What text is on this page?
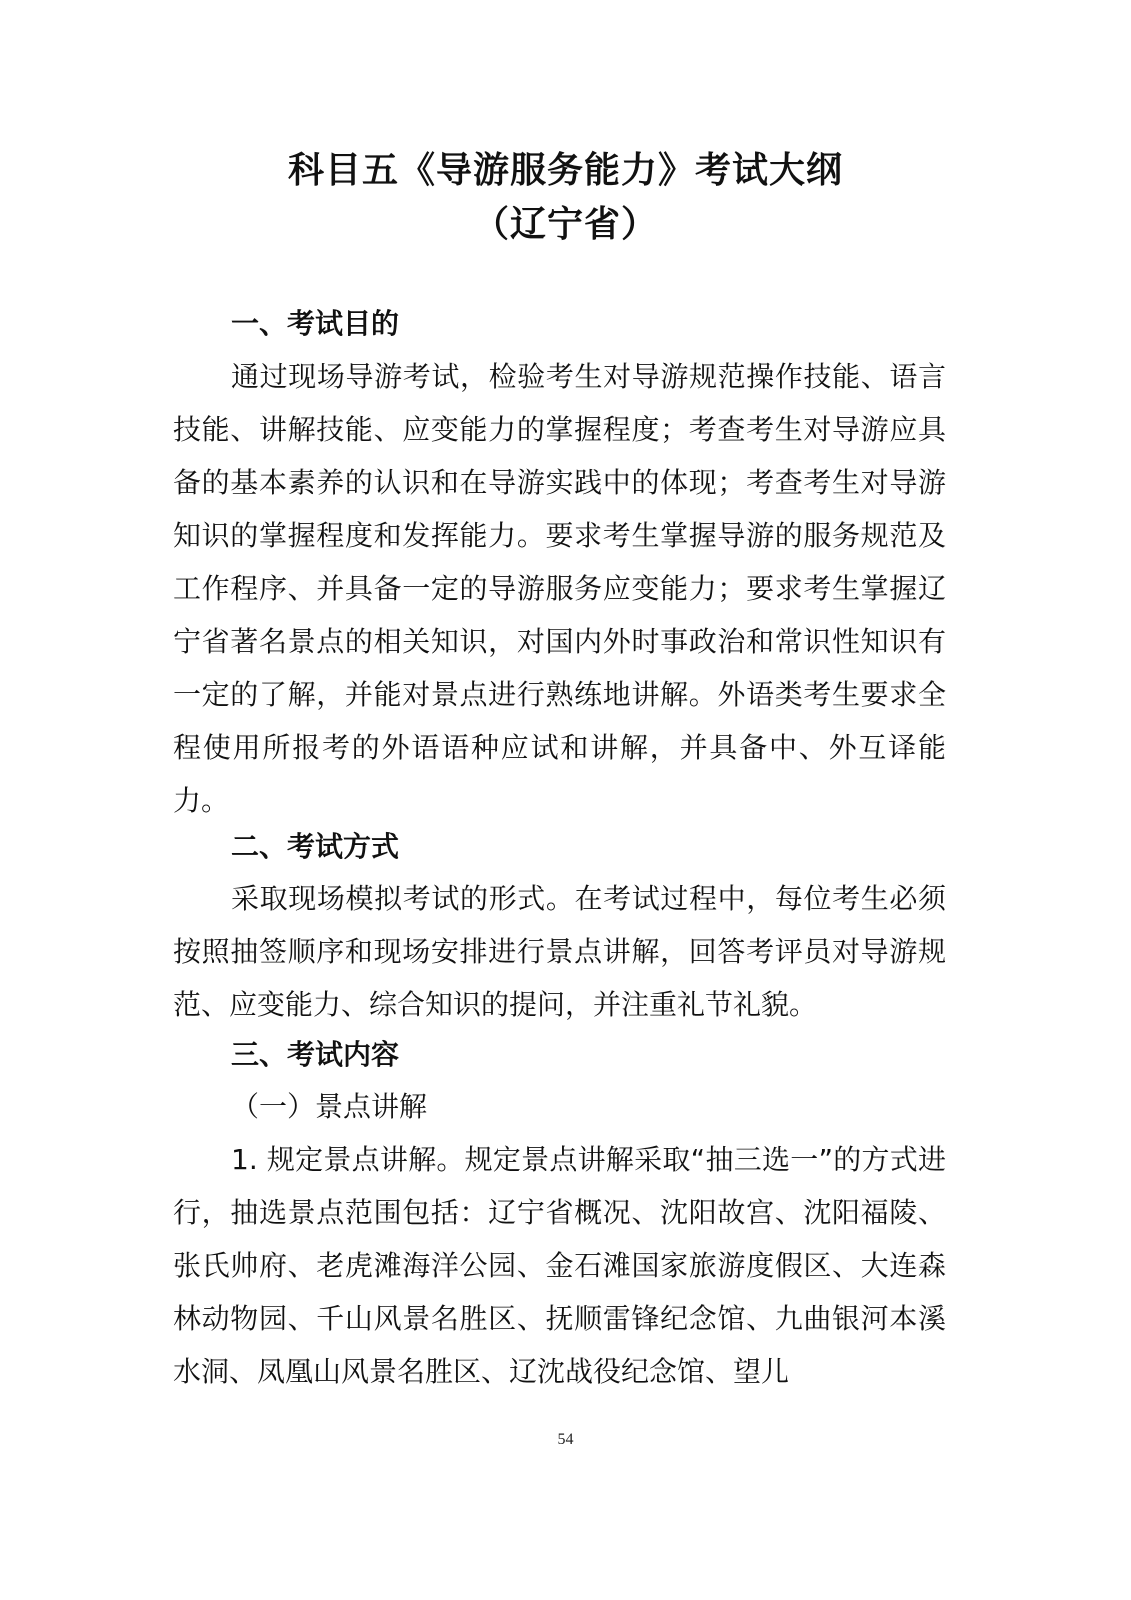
科目五《导游服务能力》考试大纲
（辽宁省）
一、考试目的

通过现场导游考试，检验考生对导游规范操作技能、语言技能、讲解技能、应变能力的掌握程度；考查考生对导游应具备的基本素养的认识和在导游实践中的体现；考查考生对导游知识的掌握程度和发挥能力。要求考生掌握导游的服务规范及工作程序、并具备一定的导游服务应变能力；要求考生掌握辽宁省著名景点的相关知识，对国内外时事政治和常识性知识有一定的了解，并能对景点进行熟练地讲解。外语类考生要求全程使用所报考的外语语种应试和讲解，并具备中、外互译能力。

二、考试方式

采取现场模拟考试的形式。在考试过程中，每位考生必须按照抽签顺序和现场安排进行景点讲解，回答考评员对导游规范、应变能力、综合知识的提问，并注重礼节礼貌。

三、考试内容
（一）景点讲解

1. 规定景点讲解。规定景点讲解采取“抽三选一”的方式进行，抽选景点范围包括：辽宁省概况、沈阳故宫、沈阳福陵、张氏帅府、老虎滩海洋公园、金石滩国家旅游度假区、大连森林动物园、千山风景名胜区、抚顺雷锋纪念馆、九曲银河本溪水洞、凤凰山风景名胜区、辽沈战役纪念馆、望儿

54
